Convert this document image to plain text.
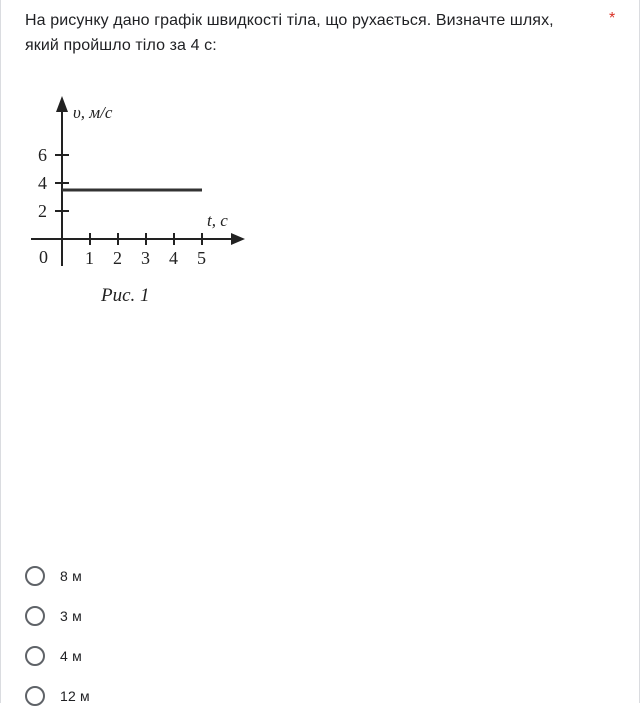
На рисунку дано графік швидкості тіла, що рухається. Визначте шлях, який пройшло тіло за 4 с:
*
1 2 3 4 5
2
4
6
υ, м/с
t, c
0
Рис. 1
8 м
3 м
4 м
12 м
